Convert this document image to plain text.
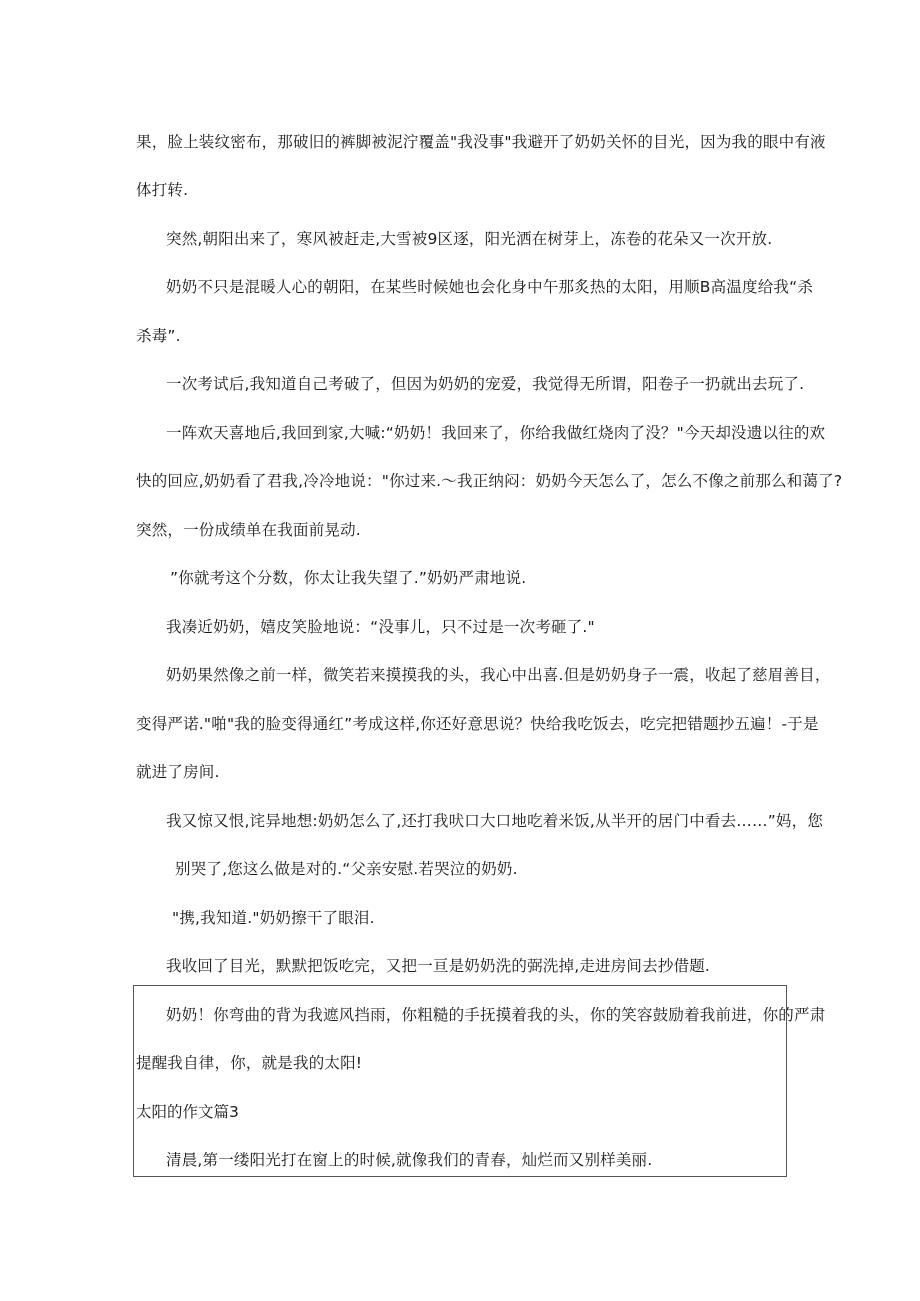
果，脸上装纹密布，那破旧的裤脚被泥泞覆盖"我没事"我避开了奶奶关怀的目光，因为我的眼中有液
体打转.
突然,朝阳出来了，寒风被赶走,大雪被9区逐，阳光洒在树芽上，冻卷的花朵又一次开放.
奶奶不只是混暖人心的朝阳，在某些时候她也会化身中午那炙热的太阳，用顺B高温度给我“杀
杀毒”.
一次考试后,我知道自己考破了，但因为奶奶的宠爱，我觉得无所谓，阳卷子一扔就出去玩了.
一阵欢天喜地后,我回到家,大喊:“奶奶！我回来了，你给我做红烧肉了没？"今天却没遗以往的欢
快的回应,奶奶看了君我,冷冷地说："你过来.〜我正纳闷：奶奶今天怎么了，怎么不像之前那么和蔼了?
突然，一份成绩单在我面前晃动.
”你就考这个分数，你太让我失望了.”奶奶严肃地说.
我凑近奶奶，嬉皮笑脸地说：“没事儿，只不过是一次考砸了."
奶奶果然像之前一样，微笑若来摸摸我的头，我心中出喜.但是奶奶身子一震，收起了慈眉善目，
变得严诺."啪"我的脸变得通红”考成这样,你还好意思说？快给我吃饭去，吃完把错题抄五遍！-于是
就进了房间.
我又惊又恨,诧异地想:奶奶怎么了,还打我吠口大口地吃着米饭,从半开的居门中看去……”妈，您
别哭了,您这么做是对的.“父亲安慰.若哭泣的奶奶.
"携,我知道."奶奶擦干了眼泪.
我收回了目光，默默把饭吃完，又把一亘是奶奶洗的弼洗掉,走进房间去抄借题.
奶奶！你弯曲的背为我遮风挡雨，你粗糙的手抚摸着我的头，你的笑容鼓励着我前进，你的严肃
提醒我自律，你，就是我的太阳!
太阳的作文篇3
清晨,第一缕阳光打在窗上的时候,就像我们的青春，灿烂而又别样美丽.
